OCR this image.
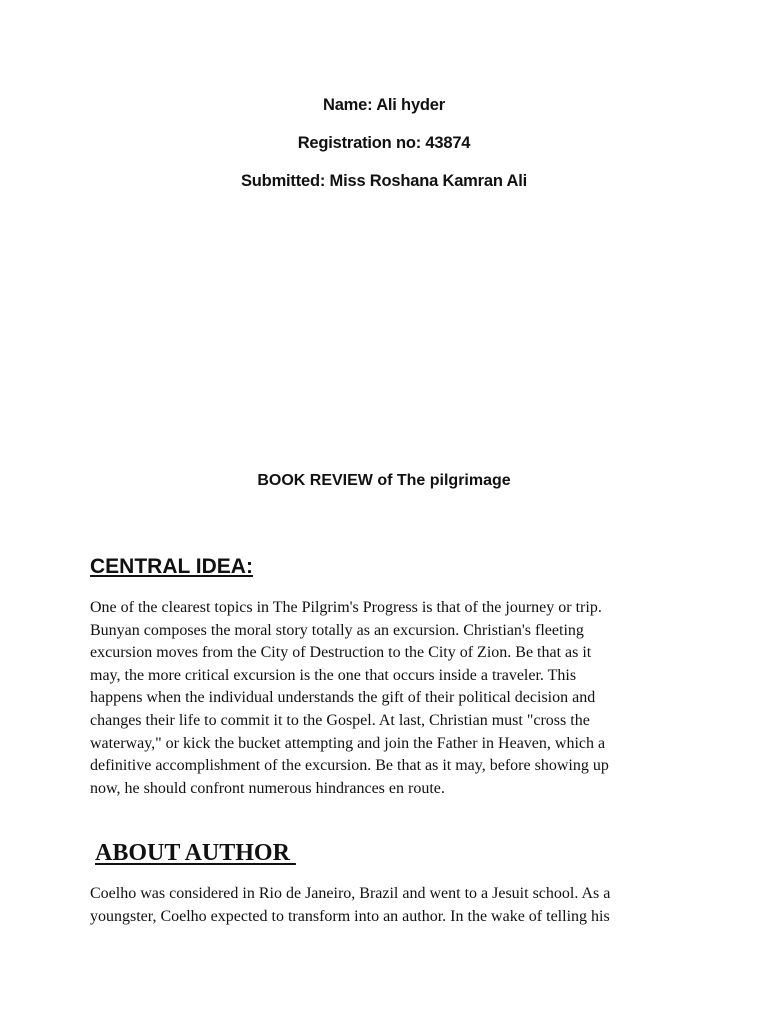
Name: Ali hyder
Registration no: 43874
Submitted: Miss Roshana Kamran Ali
BOOK REVIEW of The pilgrimage
CENTRAL IDEA:

One of the clearest topics in The Pilgrim's Progress is that of the journey or trip.
Bunyan composes the moral story totally as an excursion. Christian's fleeting
excursion moves from the City of Destruction to the City of Zion. Be that as it
may, the more critical excursion is the one that occurs inside a traveler. This
happens when the individual understands the gift of their political decision and
changes their life to commit it to the Gospel. At last, Christian must "cross the
waterway," or kick the bucket attempting and join the Father in Heaven, which a
definitive accomplishment of the excursion. Be that as it may, before showing up
now, he should confront numerous hindrances en route.

ABOUT AUTHOR

Coelho was considered in Rio de Janeiro, Brazil and went to a Jesuit school. As a
youngster, Coelho expected to transform into an author. In the wake of telling his
